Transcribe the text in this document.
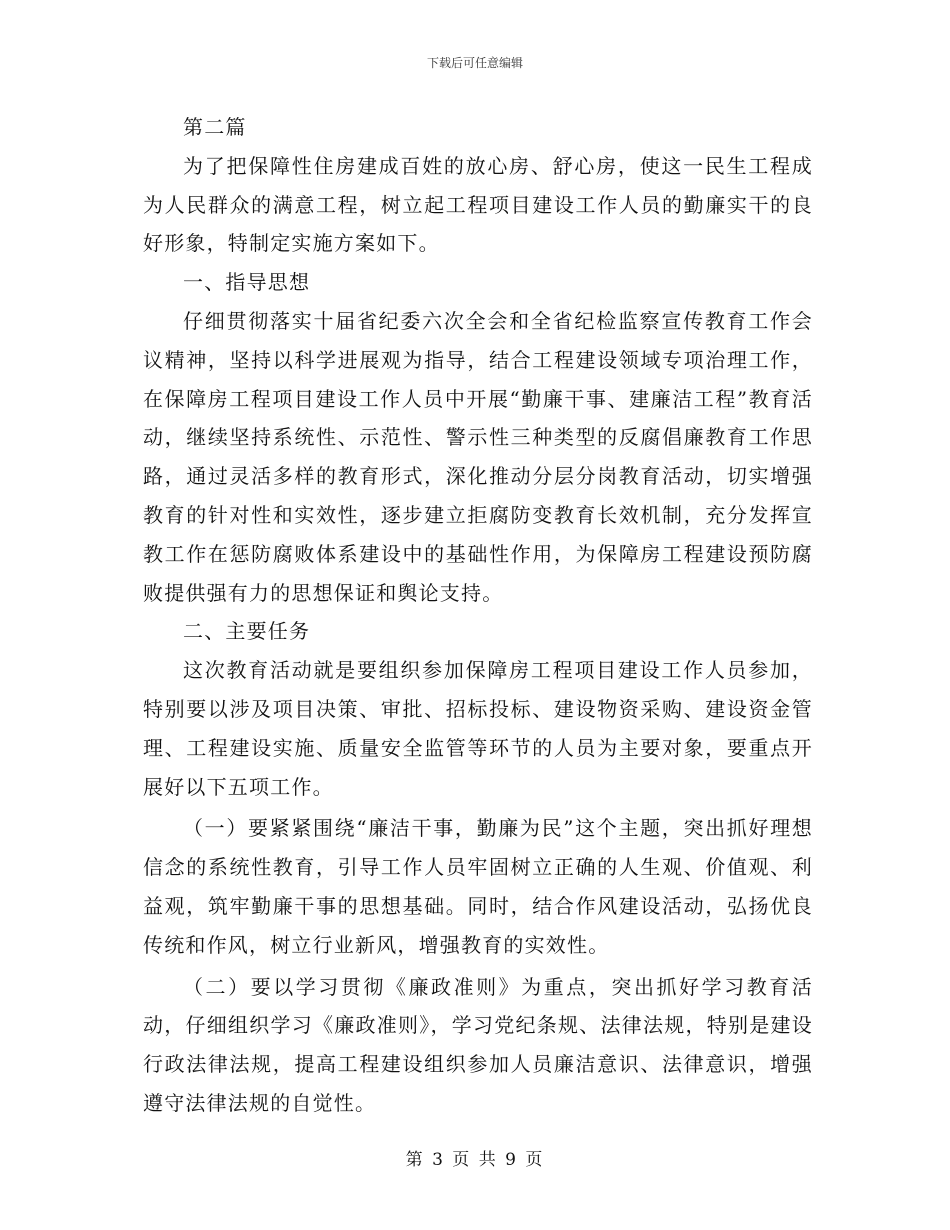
下载后可任意编辑

第二篇

为了把保障性住房建成百姓的放心房、舒心房，使这一民生工程成为人民群众的满意工程，树立起工程项目建设工作人员的勤廉实干的良好形象，特制定实施方案如下。

一、指导思想

仔细贯彻落实十届省纪委六次全会和全省纪检监察宣传教育工作会议精神，坚持以科学进展观为指导，结合工程建设领域专项治理工作，在保障房工程项目建设工作人员中开展“勤廉干事、建廉洁工程”教育活动，继续坚持系统性、示范性、警示性三种类型的反腐倡廉教育工作思路，通过灵活多样的教育形式，深化推动分层分岗教育活动，切实增强教育的针对性和实效性，逐步建立拒腐防变教育长效机制，充分发挥宣教工作在惩防腐败体系建设中的基础性作用，为保障房工程建设预防腐败提供强有力的思想保证和舆论支持。

二、主要任务

这次教育活动就是要组织参加保障房工程项目建设工作人员参加，特别要以涉及项目决策、审批、招标投标、建设物资采购、建设资金管理、工程建设实施、质量安全监管等环节的人员为主要对象，要重点开展好以下五项工作。

（一）要紧紧围绕“廉洁干事，勤廉为民”这个主题，突出抓好理想信念的系统性教育，引导工作人员牢固树立正确的人生观、价值观、利益观，筑牢勤廉干事的思想基础。同时，结合作风建设活动，弘扬优良传统和作风，树立行业新风，增强教育的实效性。

（二）要以学习贯彻《廉政准则》为重点，突出抓好学习教育活动，仔细组织学习《廉政准则》，学习党纪条规、法律法规，特别是建设行政法律法规，提高工程建设组织参加人员廉洁意识、法律意识，增强遵守法律法规的自觉性。

第 3 页 共 9 页
